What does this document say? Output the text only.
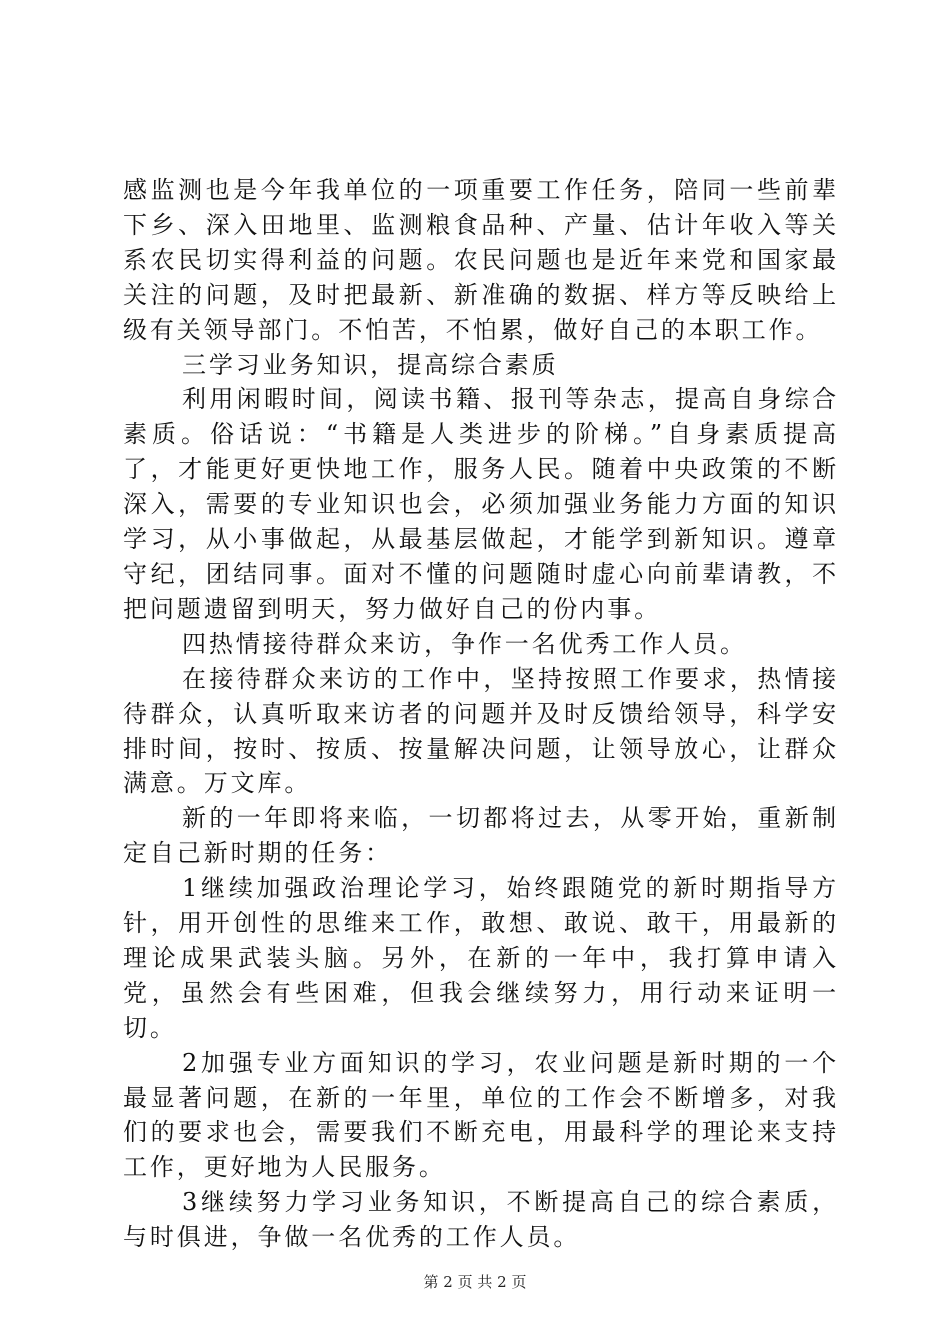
感监测也是今年我单位的一项重要工作任务，陪同一些前辈下乡、深入田地里、监测粮食品种、产量、估计年收入等关系农民切实得利益的问题。农民问题也是近年来党和国家最关注的问题，及时把最新、新准确的数据、样方等反映给上级有关领导部门。不怕苦，不怕累，做好自己的本职工作。

三学习业务知识，提高综合素质

利用闲暇时间，阅读书籍、报刊等杂志，提高自身综合素质。俗话说：“书籍是人类进步的阶梯。”自身素质提高了，才能更好更快地工作，服务人民。随着中央政策的不断深入，需要的专业知识也会，必须加强业务能力方面的知识学习，从小事做起，从最基层做起，才能学到新知识。遵章守纪，团结同事。面对不懂的问题随时虚心向前辈请教，不把问题遗留到明天，努力做好自己的份内事。

四热情接待群众来访，争作一名优秀工作人员。

在接待群众来访的工作中，坚持按照工作要求，热情接待群众，认真听取来访者的问题并及时反馈给领导，科学安排时间，按时、按质、按量解决问题，让领导放心，让群众满意。万文库。

新的一年即将来临，一切都将过去，从零开始，重新制定自己新时期的任务：

1继续加强政治理论学习，始终跟随党的新时期指导方针，用开创性的思维来工作，敢想、敢说、敢干，用最新的理论成果武装头脑。另外，在新的一年中，我打算申请入党，虽然会有些困难，但我会继续努力，用行动来证明一切。

2加强专业方面知识的学习，农业问题是新时期的一个最显著问题，在新的一年里，单位的工作会不断增多，对我们的要求也会，需要我们不断充电，用最科学的理论来支持工作，更好地为人民服务。

3继续努力学习业务知识，不断提高自己的综合素质，与时俱进，争做一名优秀的工作人员。

第 2 页 共 2 页
